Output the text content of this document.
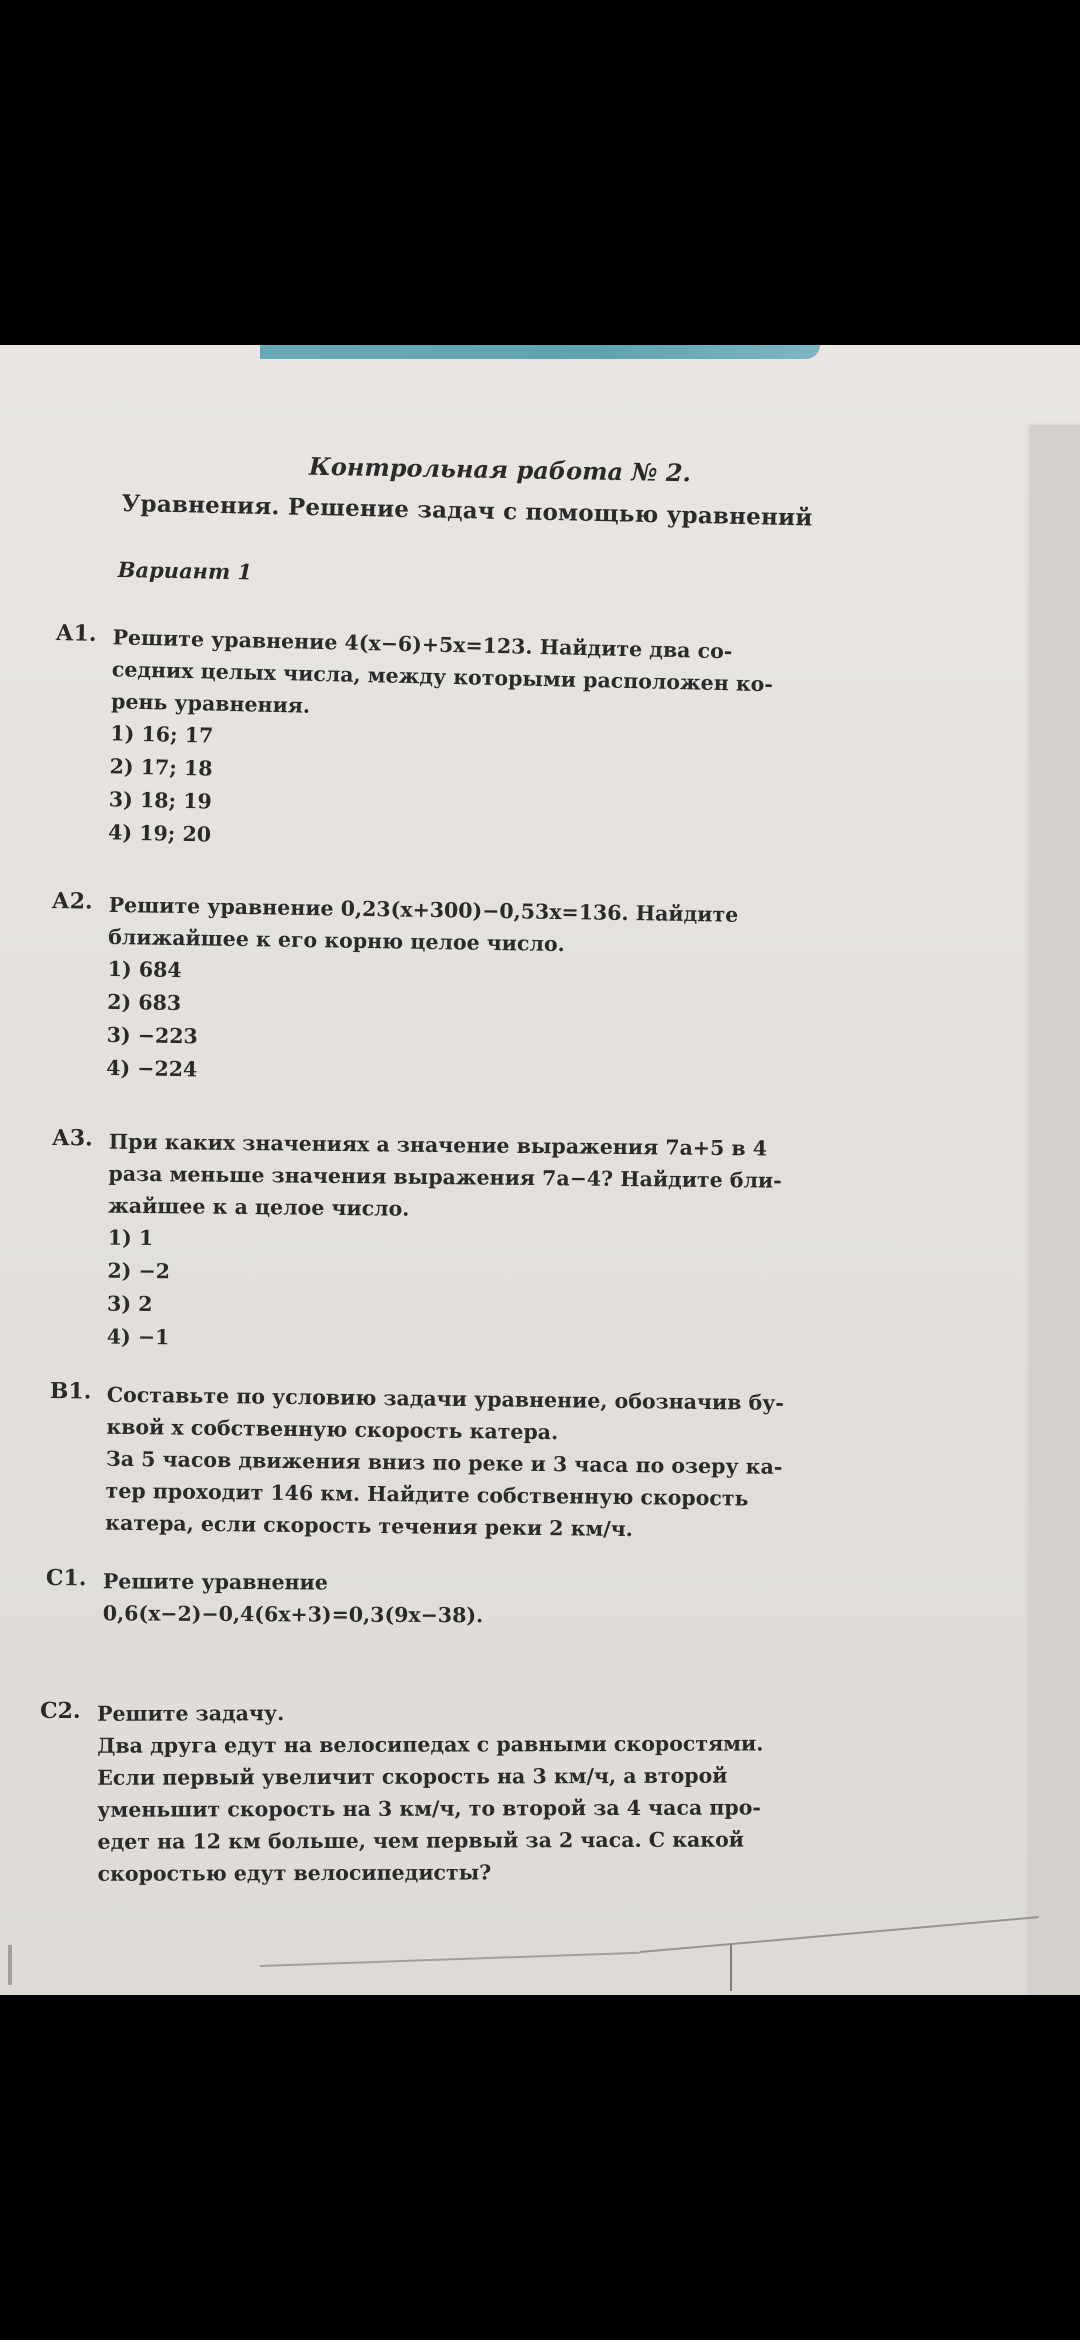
Контрольная работа № 2.
Уравнения. Решение задач с помощью уравнений
Вариант 1
А1. Решите уравнение 4(x−6)+5x=123. Найдите два со-
седних целых числа, между которыми расположен ко-
рень уравнения.
1) 16; 17
2) 17; 18
3) 18; 19
4) 19; 20
А2. Решите уравнение 0,23(x+300)−0,53x=136. Найдите
ближайшее к его корню целое число.
1) 684
2) 683
3) −223
4) −224
А3. При каких значениях a значение выражения 7a+5 в 4
раза меньше значения выражения 7a−4? Найдите бли-
жайшее к a целое число.
1) 1
2) −2
3) 2
4) −1
В1. Составьте по условию задачи уравнение, обозначив бу-
квой x собственную скорость катера.
За 5 часов движения вниз по реке и 3 часа по озеру ка-
тер проходит 146 км. Найдите собственную скорость
катера, если скорость течения реки 2 км/ч.
С1. Решите уравнение
0,6(x−2)−0,4(6x+3)=0,3(9x−38).
С2. Решите задачу.
Два друга едут на велосипедах с равными скоростями.
Если первый увеличит скорость на 3 км/ч, а второй
уменьшит скорость на 3 км/ч, то второй за 4 часа про-
едет на 12 км больше, чем первый за 2 часа. С какой
скоростью едут велосипедисты?
